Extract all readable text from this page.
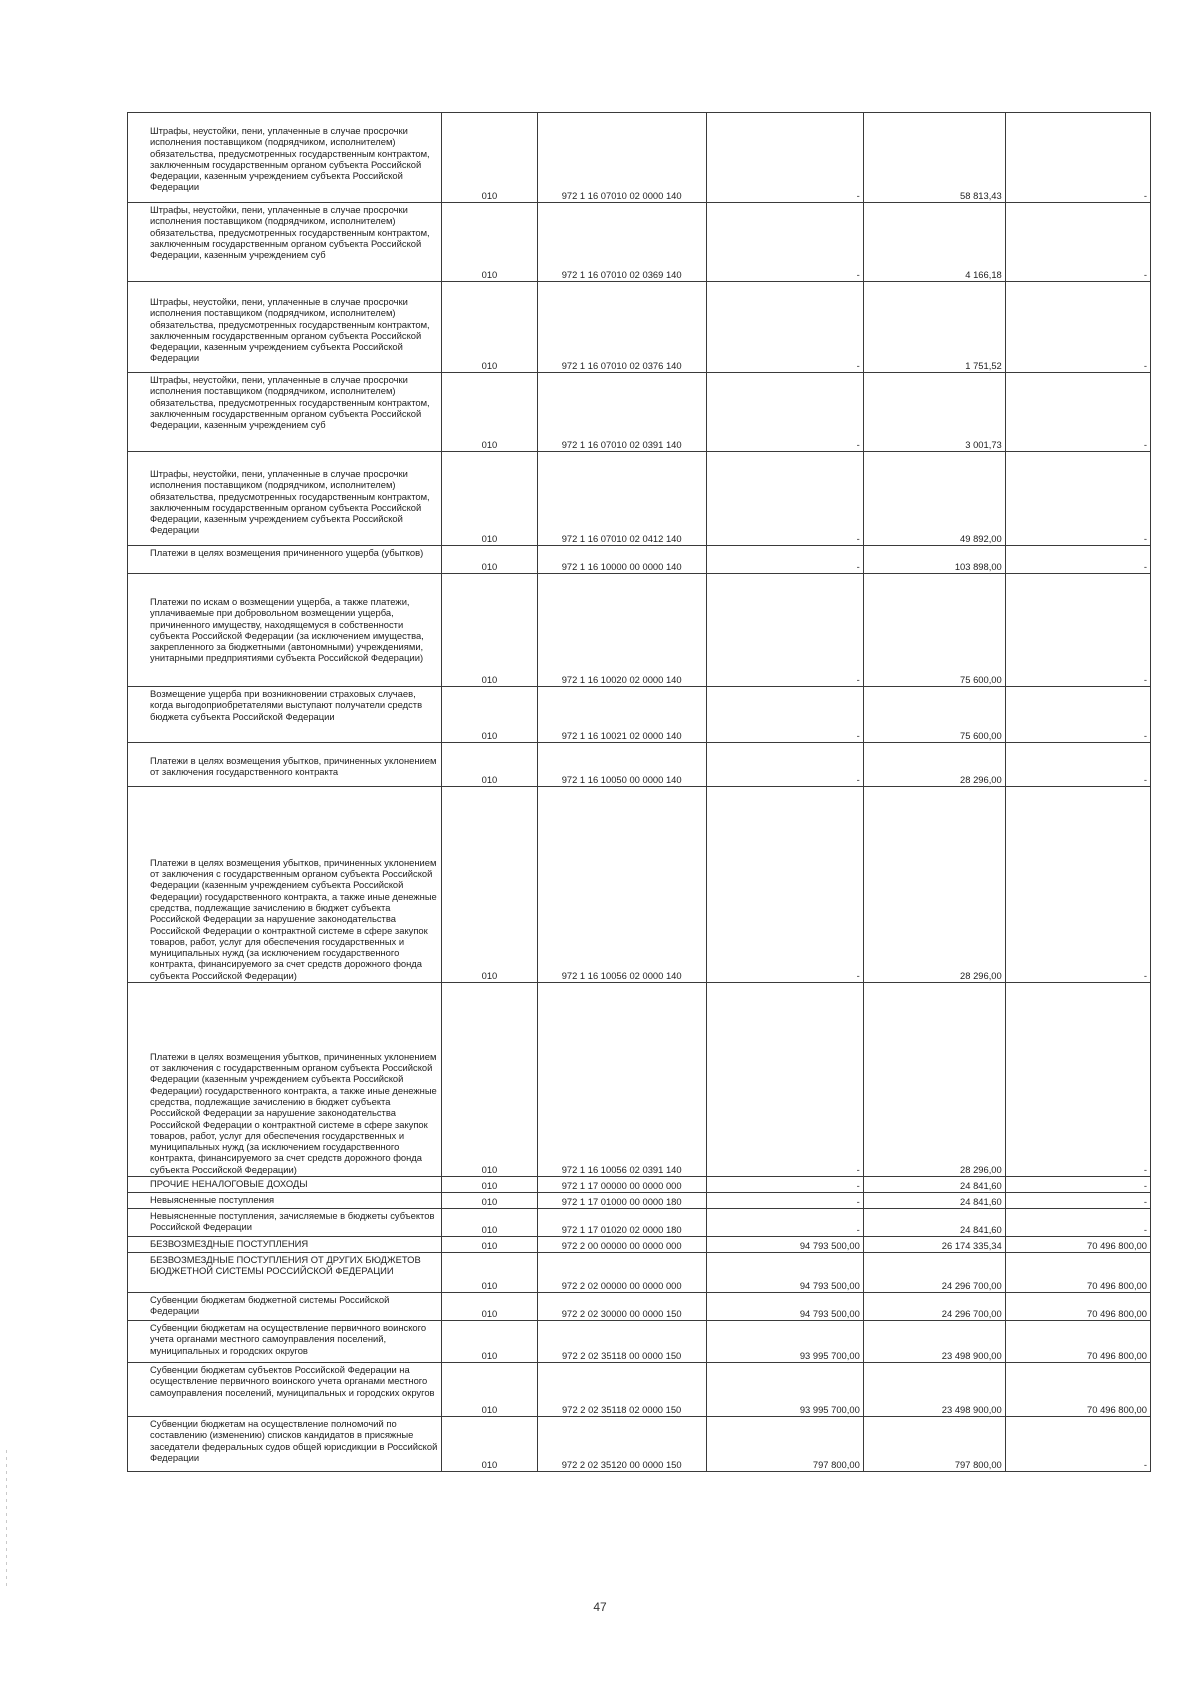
Штрафы, неустойки, пени, уплаченные в случае просрочки исполнения поставщиком (подрядчиком, исполнителем) обязательства, предусмотренных государственным контрактом, заключенным государственным органом субъекта Российской Федерации, казенным учреждением субъекта Российской Федерации	010	972 1 16 07010 02 0000 140	-	58 813,43	-
Штрафы, неустойки, пени, уплаченные в случае просрочки исполнения поставщиком (подрядчиком, исполнителем) обязательства, предусмотренных государственным контрактом, заключенным государственным органом субъекта Российской Федерации, казенным учреждением суб	010	972 1 16 07010 02 0369 140	-	4 166,18	-
Штрафы, неустойки, пени, уплаченные в случае просрочки исполнения поставщиком (подрядчиком, исполнителем) обязательства, предусмотренных государственным контрактом, заключенным государственным органом субъекта Российской Федерации, казенным учреждением субъекта Российской Федерации	010	972 1 16 07010 02 0376 140	-	1 751,52	-
Штрафы, неустойки, пени, уплаченные в случае просрочки исполнения поставщиком (подрядчиком, исполнителем) обязательства, предусмотренных государственным контрактом, заключенным государственным органом субъекта Российской Федерации, казенным учреждением суб	010	972 1 16 07010 02 0391 140	-	3 001,73	-
Штрафы, неустойки, пени, уплаченные в случае просрочки исполнения поставщиком (подрядчиком, исполнителем) обязательства, предусмотренных государственным контрактом, заключенным государственным органом субъекта Российской Федерации, казенным учреждением субъекта Российской Федерации	010	972 1 16 07010 02 0412 140	-	49 892,00	-
Платежи в целях возмещения причиненного ущерба (убытков)	010	972 1 16 10000 00 0000 140	-	103 898,00	-
Платежи по искам о возмещении ущерба, а также платежи, уплачиваемые при добровольном возмещении ущерба, причиненного имуществу, находящемуся в собственности субъекта Российской Федерации (за исключением имущества, закрепленного за бюджетными (автономными) учреждениями, унитарными предприятиями субъекта Российской Федерации)	010	972 1 16 10020 02 0000 140	-	75 600,00	-
Возмещение ущерба при возникновении страховых случаев, когда выгодоприобретателями выступают получатели средств бюджета субъекта Российской Федерации	010	972 1 16 10021 02 0000 140	-	75 600,00	-
Платежи в целях возмещения убытков, причиненных уклонением от заключения государственного контракта	010	972 1 16 10050 00 0000 140	-	28 296,00	-
Платежи в целях возмещения убытков, причиненных уклонением от заключения с государственным органом субъекта Российской Федерации (казенным учреждением субъекта Российской Федерации) государственного контракта, а также иные денежные средства, подлежащие зачислению в бюджет субъекта Российской Федерации за нарушение законодательства Российской Федерации о контрактной системе в сфере закупок товаров, работ, услуг для обеспечения государственных и муниципальных нужд (за исключением государственного контракта, финансируемого за счет средств дорожного фонда субъекта Российской Федерации)	010	972 1 16 10056 02 0000 140	-	28 296,00	-
Платежи в целях возмещения убытков, причиненных уклонением от заключения с государственным органом субъекта Российской Федерации (казенным учреждением субъекта Российской Федерации) государственного контракта, а также иные денежные средства, подлежащие зачислению в бюджет субъекта Российской Федерации за нарушение законодательства Российской Федерации о контрактной системе в сфере закупок товаров, работ, услуг для обеспечения государственных и муниципальных нужд (за исключением государственного контракта, финансируемого за счет средств дорожного фонда субъекта Российской Федерации)	010	972 1 16 10056 02 0391 140	-	28 296,00	-
ПРОЧИЕ НЕНАЛОГОВЫЕ ДОХОДЫ	010	972 1 17 00000 00 0000 000	-	24 841,60	-
Невыясненные поступления	010	972 1 17 01000 00 0000 180	-	24 841,60	-
Невыясненные поступления, зачисляемые в бюджеты субъектов Российской Федерации	010	972 1 17 01020 02 0000 180	-	24 841,60	-
БЕЗВОЗМЕЗДНЫЕ ПОСТУПЛЕНИЯ	010	972 2 00 00000 00 0000 000	94 793 500,00	26 174 335,34	70 496 800,00
БЕЗВОЗМЕЗДНЫЕ ПОСТУПЛЕНИЯ ОТ ДРУГИХ БЮДЖЕТОВ БЮДЖЕТНОЙ СИСТЕМЫ РОССИЙСКОЙ ФЕДЕРАЦИИ	010	972 2 02 00000 00 0000 000	94 793 500,00	24 296 700,00	70 496 800,00
Субвенции бюджетам бюджетной системы Российской Федерации	010	972 2 02 30000 00 0000 150	94 793 500,00	24 296 700,00	70 496 800,00
Субвенции бюджетам на осуществление первичного воинского учета органами местного самоуправления поселений, муниципальных и городских округов	010	972 2 02 35118 00 0000 150	93 995 700,00	23 498 900,00	70 496 800,00
Субвенции бюджетам субъектов Российской Федерации на осуществление первичного воинского учета органами местного самоуправления поселений, муниципальных и городских округов	010	972 2 02 35118 02 0000 150	93 995 700,00	23 498 900,00	70 496 800,00
Субвенции бюджетам на осуществление полномочий по составлению (изменению) списков кандидатов в присяжные заседатели федеральных судов общей юрисдикции в Российской Федерации	010	972 2 02 35120 00 0000 150	797 800,00	797 800,00	-
47
